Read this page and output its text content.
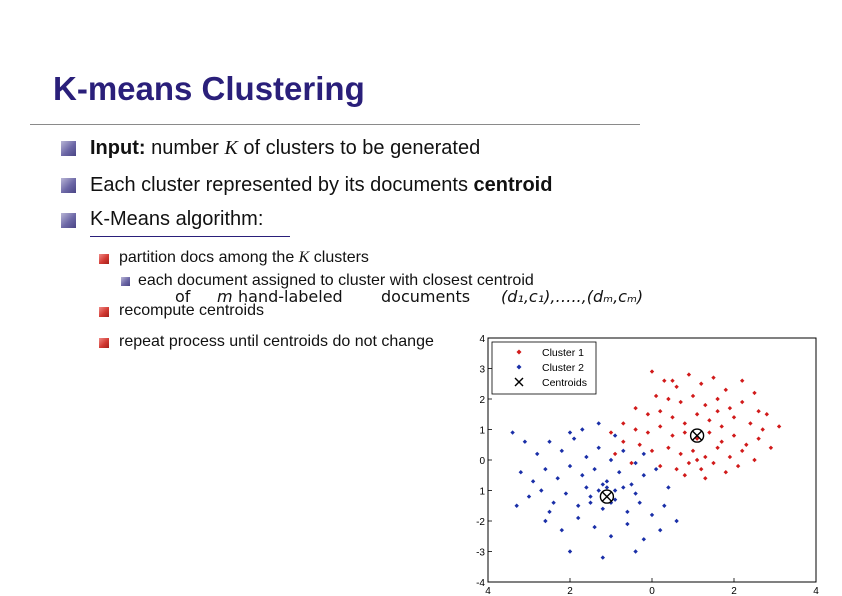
K-means Clustering
Input: number K of clusters to be generated
Each cluster represented by its documents centroid
K-Means algorithm:
partition docs among the K clusters
each document assigned to cluster with closest centroid
recompute centroids
repeat process until centroids do not change
of m hand-labeled documents (d₁,c₁),…..,(dₘ,cₘ)
4	2	0	2	4
4
3
2
1
0
1
-2
-3
-4
Cluster 1
Cluster 2
Centroids
